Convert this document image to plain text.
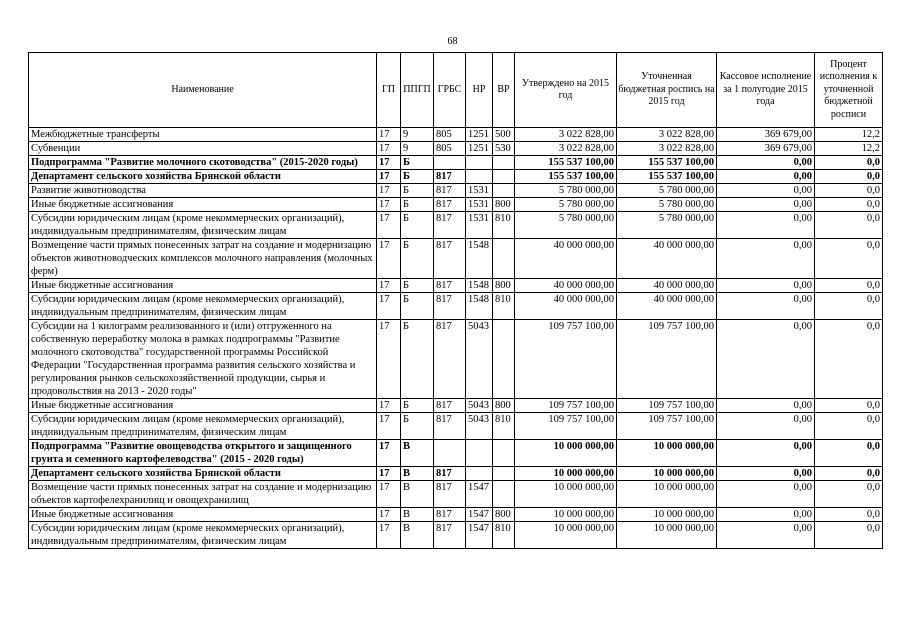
68
Наименование	ГП	ППГП	ГРБС	НР	ВР	Утверждено на 2015 год	Уточненная бюджетная роспись на 2015 год	Кассовое исполнение за 1 полугодие 2015 года	Процент исполнения к уточненной бюджетной росписи
Межбюджетные трансферты	17	9	805	1251	500	3 022 828,00	3 022 828,00	369 679,00	12,2
Субвенции	17	9	805	1251	530	3 022 828,00	3 022 828,00	369 679,00	12,2
Подпрограмма "Развитие молочного скотоводства" (2015-2020 годы)	17	Б				155 537 100,00	155 537 100,00	0,00	0,0
Департамент сельского хозяйства Брянской области	17	Б	817			155 537 100,00	155 537 100,00	0,00	0,0
Развитие животноводства	17	Б	817	1531		5 780 000,00	5 780 000,00	0,00	0,0
Иные бюджетные ассигнования	17	Б	817	1531	800	5 780 000,00	5 780 000,00	0,00	0,0
Субсидии юридическим лицам (кроме некоммерческих организаций), индивидуальным предпринимателям, физическим лицам	17	Б	817	1531	810	5 780 000,00	5 780 000,00	0,00	0,0
Возмещение части прямых понесенных затрат на создание и модернизацию объектов животноводческих комплексов молочного направления (молочных ферм)	17	Б	817	1548		40 000 000,00	40 000 000,00	0,00	0,0
Иные бюджетные ассигнования	17	Б	817	1548	800	40 000 000,00	40 000 000,00	0,00	0,0
Субсидии юридическим лицам (кроме некоммерческих организаций), индивидуальным предпринимателям, физическим лицам	17	Б	817	1548	810	40 000 000,00	40 000 000,00	0,00	0,0
Субсидии на 1 килограмм реализованного и (или) отгруженного на собственную переработку молока в рамках подпрограммы "Развитие молочного скотоводства" государственной программы Российской Федерации "Государственная программа развития сельского хозяйства и регулирования рынков сельскохозяйственной продукции, сырья и продовольствия на 2013 - 2020 годы"	17	Б	817	5043		109 757 100,00	109 757 100,00	0,00	0,0
Иные бюджетные ассигнования	17	Б	817	5043	800	109 757 100,00	109 757 100,00	0,00	0,0
Субсидии юридическим лицам (кроме некоммерческих организаций), индивидуальным предпринимателям, физическим лицам	17	Б	817	5043	810	109 757 100,00	109 757 100,00	0,00	0,0
Подпрограмма "Развитие овощеводства открытого и защищенного грунта и семенного картофелеводства" (2015 - 2020 годы)	17	В				10 000 000,00	10 000 000,00	0,00	0,0
Департамент сельского хозяйства Брянской области	17	В	817			10 000 000,00	10 000 000,00	0,00	0,0
Возмещение части прямых понесенных затрат на создание и модернизацию объектов картофелехранилищ и овощехранилищ	17	В	817	1547		10 000 000,00	10 000 000,00	0,00	0,0
Иные бюджетные ассигнования	17	В	817	1547	800	10 000 000,00	10 000 000,00	0,00	0,0
Субсидии юридическим лицам (кроме некоммерческих организаций), индивидуальным предпринимателям, физическим лицам	17	В	817	1547	810	10 000 000,00	10 000 000,00	0,00	0,0
